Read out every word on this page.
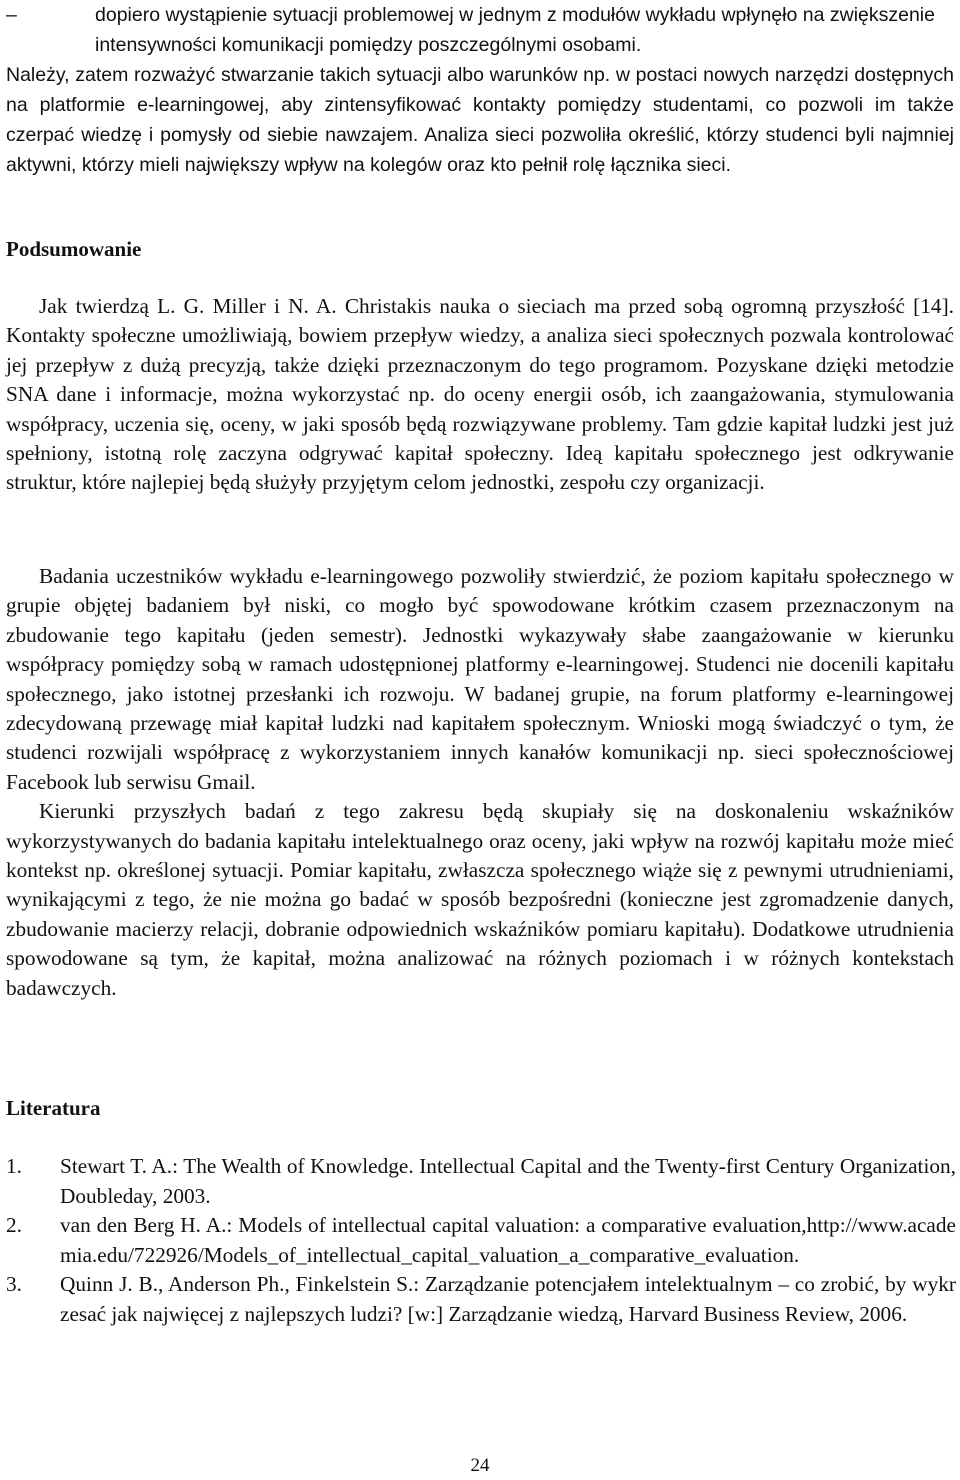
–	dopiero wystąpienie sytuacji problemowej w jednym z modułów wykładu wpłynęło na zwiększenie intensywności komunikacji pomiędzy poszczególnymi osobami.
Należy, zatem rozważyć stwarzanie takich sytuacji albo warunków np. w postaci nowych narzędzi dostępnych na platformie e-learningowej, aby zintensyfikować kontakty pomiędzy studentami, co pozwoli im także czerpać wiedzę i pomysły od siebie nawzajem. Analiza sieci pozwoliła określić, którzy studenci byli najmniej aktywni, którzy mieli największy wpływ na kolegów oraz kto pełnił rolę łącznika sieci.
Podsumowanie

Jak twierdzą L. G. Miller i N. A. Christakis nauka o sieciach ma przed sobą ogromną przyszłość [14]. Kontakty społeczne umożliwiają, bowiem przepływ wiedzy, a analiza sieci społecznych pozwala kontrolować jej przepływ z dużą precyzją, także dzięki przeznaczonym do tego programom. Pozyskane dzięki metodzie SNA dane i informacje, można wykorzystać np. do oceny energii osób, ich zaangażowania, stymulowania współpracy, uczenia się, oceny, w jaki sposób będą rozwiązywane problemy. Tam gdzie kapitał ludzki jest już spełniony, istotną rolę zaczyna odgrywać kapitał społeczny. Ideą kapitału społecznego jest odkrywanie struktur, które najlepiej będą służyły przyjętym celom jednostki, zespołu czy organizacji.

Badania uczestników wykładu e-learningowego pozwoliły stwierdzić, że poziom kapitału społecznego w grupie objętej badaniem był niski, co mogło być spowodowane krótkim czasem przeznaczonym na zbudowanie tego kapitału (jeden semestr). Jednostki wykazywały słabe zaangażowanie w kierunku współpracy pomiędzy sobą w ramach udostępnionej platformy e-learningowej. Studenci nie docenili kapitału społecznego, jako istotnej przesłanki ich rozwoju. W badanej grupie, na forum platformy e-learningowej zdecydowaną przewagę miał kapitał ludzki nad kapitałem społecznym. Wnioski mogą świadczyć o tym, że studenci rozwijali współpracę z wykorzystaniem innych kanałów komunikacji np. sieci społecznościowej Facebook lub serwisu Gmail.

Kierunki przyszłych badań z tego zakresu będą skupiały się na doskonaleniu wskaźników wykorzystywanych do badania kapitału intelektualnego oraz oceny, jaki wpływ na rozwój kapitału może mieć kontekst np. określonej sytuacji. Pomiar kapitału, zwłaszcza społecznego wiąże się z pewnymi utrudnieniami, wynikającymi z tego, że nie można go badać w sposób bezpośredni (konieczne jest zgromadzenie danych, zbudowanie macierzy relacji, dobranie odpowiednich wskaźników pomiaru kapitału). Dodatkowe utrudnienia spowodowane są tym, że kapitał, można analizować na różnych poziomach i w różnych kontekstach badawczych.

Literatura
1. Stewart T. A.: The Wealth of Knowledge. Intellectual Capital and the Twenty-first Century Organization, Doubleday, 2003.
2. van den Berg H. A.: Models of intellectual capital valuation: a comparative evaluation,http://www.academia.edu/722926/Models_of_intellectual_capital_valuation_a_comparative_evaluation.
3. Quinn J. B., Anderson Ph., Finkelstein S.: Zarządzanie potencjałem intelektualnym – co zrobić, by wykrzesać jak najwięcej z najlepszych ludzi? [w:] Zarządzanie wiedzą, Harvard Business Review, 2006.
24
